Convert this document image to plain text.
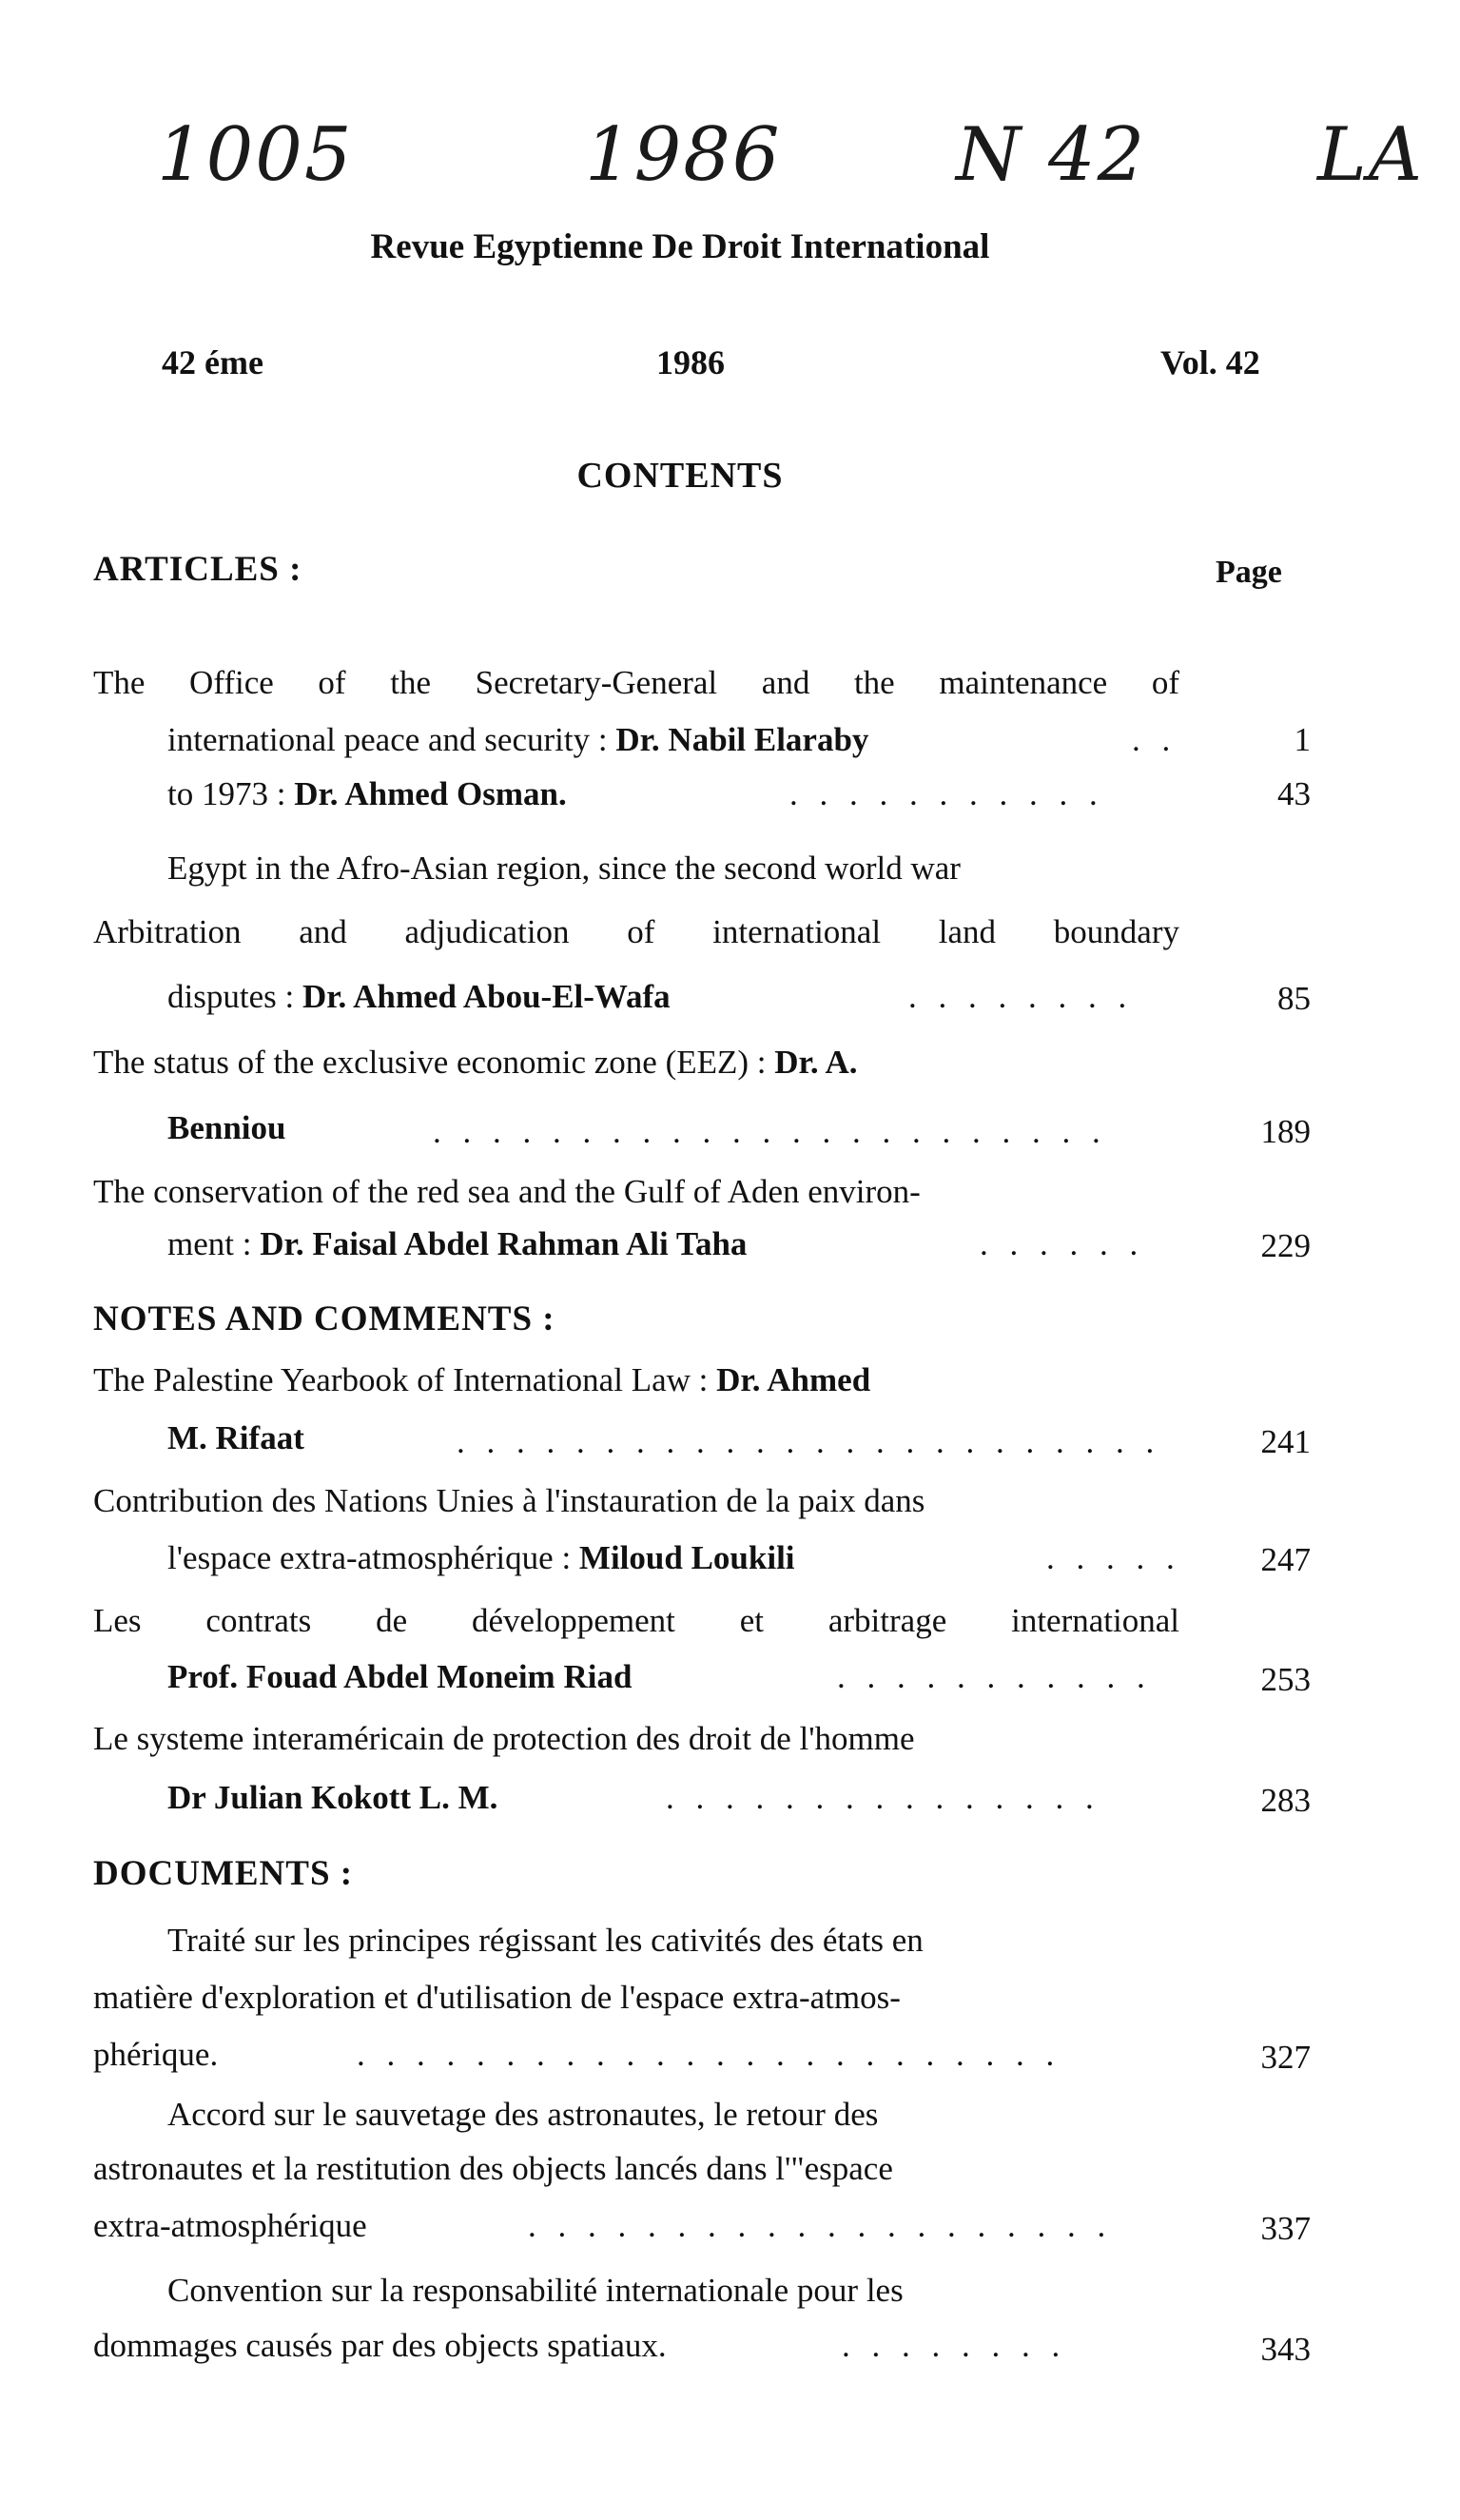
1005	1986 N 42 LA
Revue Egyptienne De Droit International
42 éme	1986	Vol. 42
CONTENTS
ARTICLES :	Page
The Office of the Secretary-General and the maintenance of
international peace and security : Dr. Nabil Elaraby	. .	1
to 1973 : Dr. Ahmed Osman.	. . . . . . . . . . .	43
Egypt in the Afro-Asian region, since the second world war
Arbitration and adjudication of international land boundary
disputes : Dr. Ahmed Abou-El-Wafa	. . . . . . . .	85
The status of the exclusive economic zone (EEZ) : Dr. A.
Benniou	. . . . . . . . . . . . . . . . . . . . . . .	189
The conservation of the red sea and the Gulf of Aden environ-
ment : Dr. Faisal Abdel Rahman Ali Taha	. . . . . .	229
NOTES AND COMMENTS :
The Palestine Yearbook of International Law : Dr. Ahmed
M. Rifaat	. . . . . . . . . . . . . . . . . . . . . . . .	241
Contribution des Nations Unies à l'instauration de la paix dans
l'espace extra-atmosphérique : Miloud Loukili	. . . . .	247
Les contrats de développement et arbitrage international
Prof. Fouad Abdel Moneim Riad	. . . . . . . . . . .	253
Le systeme interaméricain de protection des droit de l'homme
Dr Julian Kokott L. M.	. . . . . . . . . . . . . . .	283
DOCUMENTS :
Traité sur les principes régissant les cativités des états en
matière d'exploration et d'utilisation de l'espace extra-atmos-
phérique.	. . . . . . . . . . . . . . . . . . . . . . . .	327
Accord sur le sauvetage des astronautes, le retour des
astronautes et la restitution des objects lancés dans l'"espace
extra-atmosphérique	. . . . . . . . . . . . . . . . . . . .	337
Convention sur la responsabilité internationale pour les
dommages causés par des objects spatiaux.	. . . . . . . .	343
